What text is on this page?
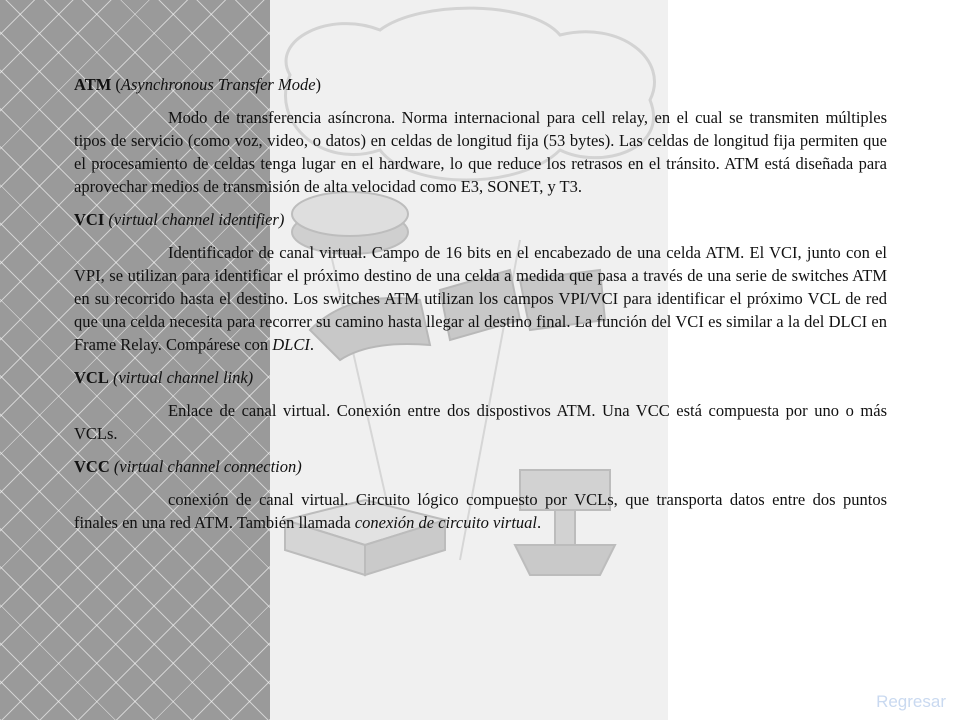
ATM (Asynchronous Transfer Mode)

Modo de transferencia asíncrona. Norma internacional para cell relay, en el cual se transmiten múltiples tipos de servicio (como voz, video, o datos) en celdas de longitud fija (53 bytes). Las celdas de longitud fija permiten que el procesamiento de celdas tenga lugar en el hardware, lo que reduce los retrasos en el tránsito. ATM está diseñada para aprovechar medios de transmisión de alta velocidad como E3, SONET, y T3.

VCI (virtual channel identifier)

Identificador de canal virtual. Campo de 16 bits en el encabezado de una celda ATM. El VCI, junto con el VPI, se utilizan para identificar el próximo destino de una celda a medida que pasa a través de una serie de switches ATM en su recorrido hasta el destino. Los switches ATM utilizan los campos VPI/VCI para identificar el próximo VCL de red que una celda necesita para recorrer su camino hasta llegar al destino final. La función del VCI es similar a la del DLCI en Frame Relay. Compárese con DLCI.

VCL (virtual channel link)

Enlace de canal virtual. Conexión entre dos dispostivos ATM. Una VCC está compuesta por uno o más VCLs.

VCC (virtual channel connection)

conexión de canal virtual. Circuito lógico compuesto por VCLs, que transporta datos entre dos puntos finales en una red ATM. También llamada conexión de circuito virtual.

Regresar
